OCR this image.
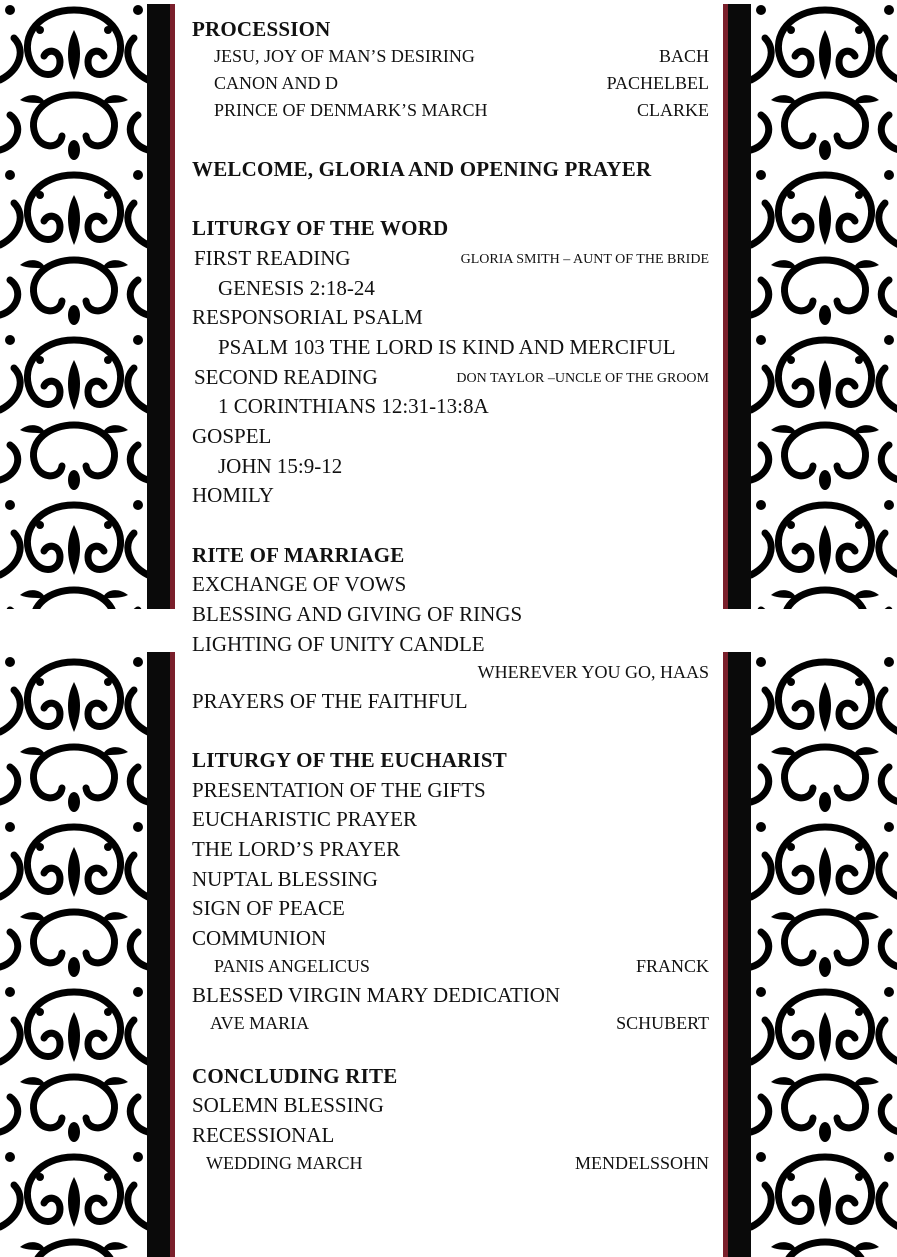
PROCESSION
JESU, JOY OF MAN’S DESIRING	BACH
CANON AND D	PACHELBEL
PRINCE OF DENMARK’S MARCH	CLARKE
WELCOME, GLORIA AND OPENING PRAYER
LITURGY OF THE WORD
FIRST READING	GLORIA SMITH – AUNT OF THE BRIDE
GENESIS 2:18-24
RESPONSORIAL PSALM
PSALM 103 THE LORD IS KIND AND MERCIFUL
SECOND READING	DON TAYLOR –UNCLE OF THE GROOM
1 CORINTHIANS 12:31-13:8A
GOSPEL
JOHN 15:9-12
HOMILY
RITE OF MARRIAGE
EXCHANGE OF VOWS
BLESSING AND GIVING OF RINGS
LIGHTING OF UNITY CANDLE
WHEREVER YOU GO, HAAS
PRAYERS OF THE FAITHFUL
LITURGY OF THE EUCHARIST
PRESENTATION OF THE GIFTS
EUCHARISTIC PRAYER
THE LORD’S PRAYER
NUPTAL BLESSING
SIGN OF PEACE
COMMUNION
PANIS ANGELICUS	FRANCK
BLESSED VIRGIN MARY DEDICATION
AVE MARIA	SCHUBERT
CONCLUDING RITE
SOLEMN BLESSING
RECESSIONAL
WEDDING MARCH	MENDELSSOHN
